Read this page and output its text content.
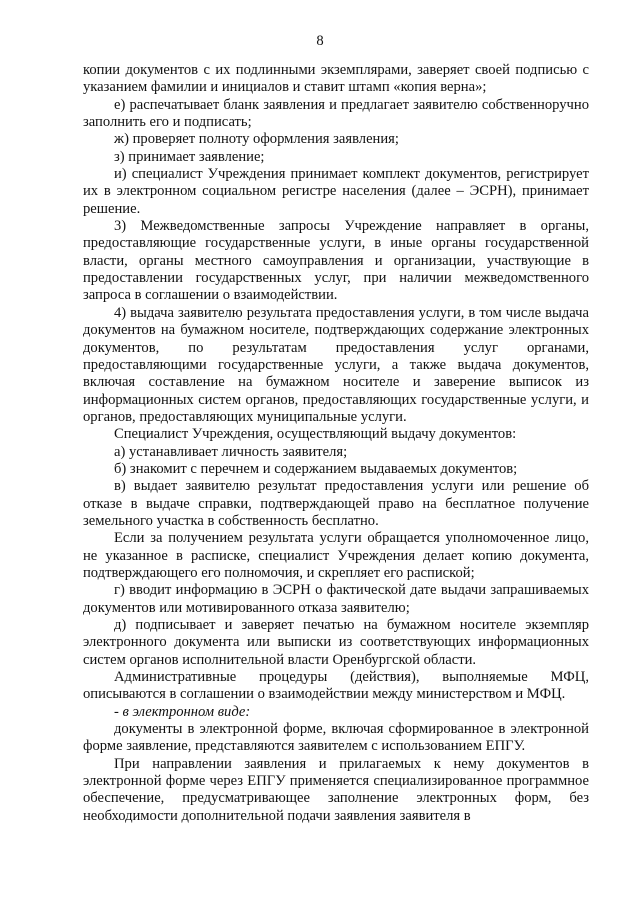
8

копии документов с их подлинными экземплярами, заверяет своей подписью с указанием фамилии и инициалов и ставит штамп «копия верна»;

е) распечатывает бланк заявления и предлагает заявителю собственноручно заполнить его и подписать;

ж) проверяет полноту оформления заявления;

з) принимает заявление;

и) специалист Учреждения принимает комплект документов, регистрирует их в электронном социальном регистре населения (далее – ЭСРН), принимает решение.

3) Межведомственные запросы Учреждение направляет в органы, предоставляющие государственные услуги, в иные органы государственной власти, органы местного самоуправления и организации, участвующие в предоставлении государственных услуг, при наличии межведомственного запроса в соглашении о взаимодействии.

4) выдача заявителю результата предоставления услуги, в том числе выдача документов на бумажном носителе, подтверждающих содержание электронных документов, по результатам предоставления услуг органами, предоставляющими государственные услуги, а также выдача документов, включая составление на бумажном носителе и заверение выписок из информационных систем органов, предоставляющих государственные услуги, и органов, предоставляющих муниципальные услуги.

Специалист Учреждения, осуществляющий выдачу документов:

а) устанавливает личность заявителя;

б) знакомит с перечнем и содержанием выдаваемых документов;

в) выдает заявителю результат предоставления услуги или решение об отказе в выдаче справки, подтверждающей право на бесплатное получение земельного участка в собственность бесплатно.

Если за получением результата услуги обращается уполномоченное лицо, не указанное в расписке, специалист Учреждения делает копию документа, подтверждающего его полномочия, и скрепляет его распиской;

г) вводит информацию в ЭСРН о фактической дате выдачи запрашиваемых документов или мотивированного отказа заявителю;

д) подписывает и заверяет печатью на бумажном носителе экземпляр электронного документа или выписки из соответствующих информационных систем органов исполнительной власти Оренбургской области.

Административные процедуры (действия), выполняемые МФЦ, описываются в соглашении о взаимодействии между министерством и МФЦ.

- в электронном виде:

документы в электронной форме, включая сформированное в электронной форме заявление, представляются заявителем с использованием ЕПГУ.

При направлении заявления и прилагаемых к нему документов в электронной форме через ЕПГУ применяется специализированное программное обеспечение, предусматривающее заполнение электронных форм, без необходимости дополнительной подачи заявления заявителя в
